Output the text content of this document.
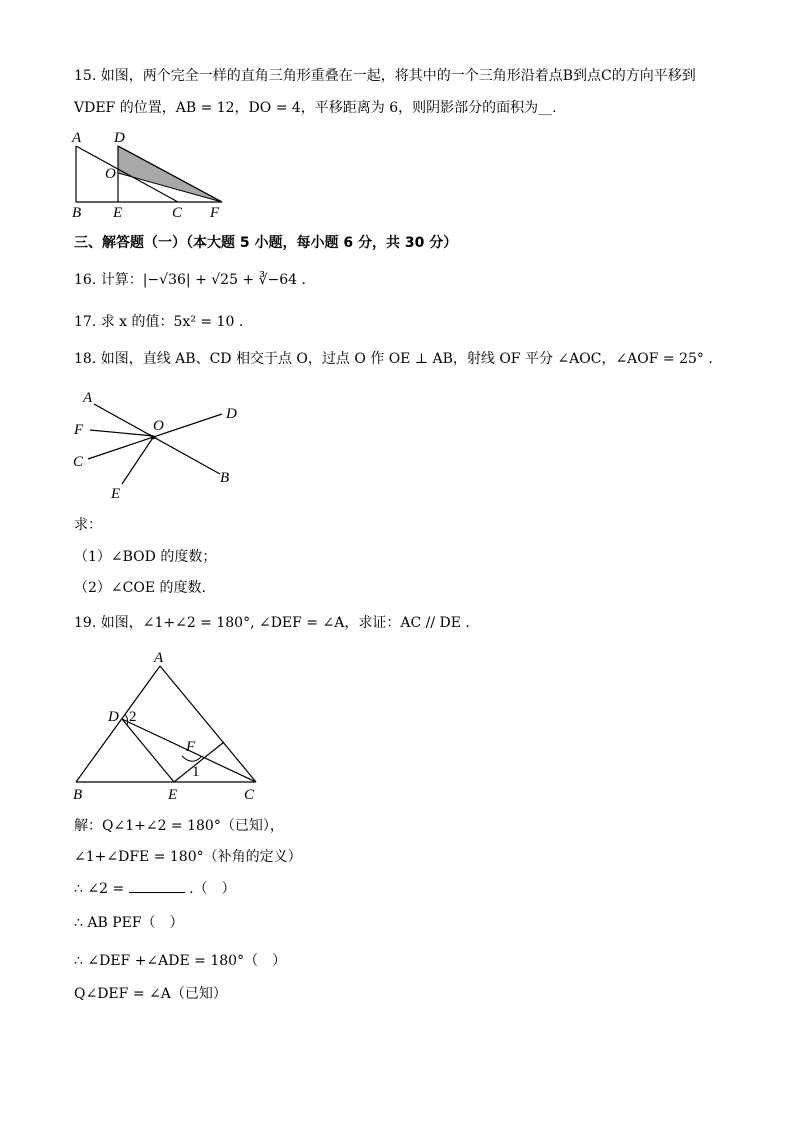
15. 如图，两个完全一样的直角三角形重叠在一起，将其中的一个三角形沿着点B到点C的方向平移到
VDEF 的位置，AB = 12，DO = 4，平移距离为 6，则阴影部分的面积为__.
A D
O
B E	C F
三、解答题（一）（本大题 5 小题，每小题 6 分，共 30 分）
16. 计算：|−√36| + √25 + ∛−64 .
17. 求 x 的值：5x² = 10 .
18. 如图，直线 AB、CD 相交于点 O，过点 O 作 OE ⊥ AB，射线 OF 平分 ∠AOC，∠AOF = 25° .
A
D
O
F
C
B
E
求：
（1）∠BOD 的度数；
（2）∠COE 的度数.
19. 如图，∠1+∠2 = 180°, ∠DEF = ∠A，求证：AC // DE .
A
D 2
F
1
B	E	C
解：Q∠1+∠2 = 180°（已知），
∠1+∠DFE = 180°（补角的定义）
∴ ∠2 =	.（　）
∴ AB PEF（　）
∴ ∠DEF +∠ADE = 180°（　）
Q∠DEF = ∠A（已知）
